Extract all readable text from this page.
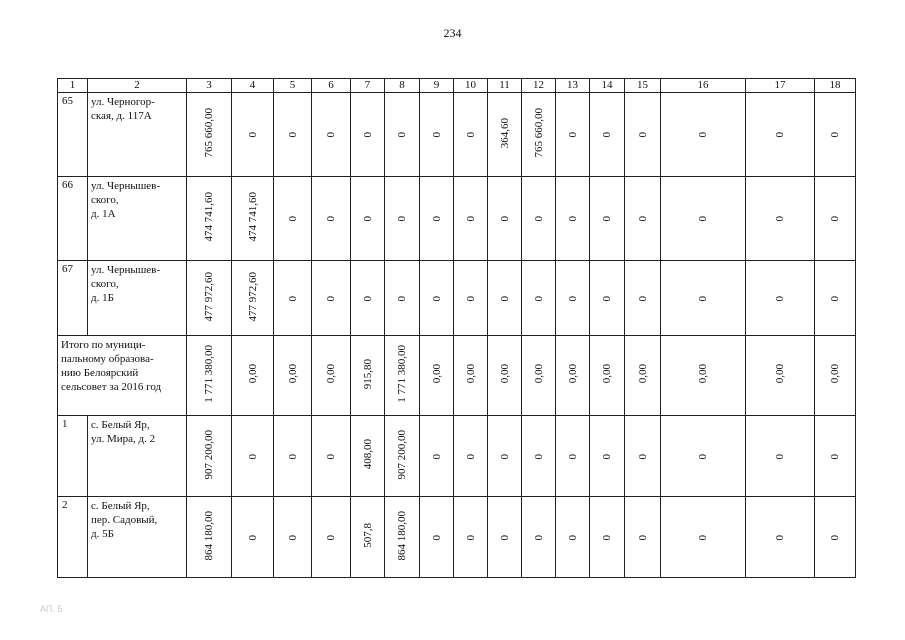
234
1	2	3	4	5	6	7	8	9	10	11	12	13	14	15	16	17	18
65	ул. Черногор-
ская, д. 117А	765 660,00	0	0	0	0	0	0	0	364,60	765 660,00	0	0	0	0	0	0
66	ул. Чернышев-
ского,
д. 1А	474 741,60	474 741,60	0	0	0	0	0	0	0	0	0	0	0	0	0	0
67	ул. Чернышев-
ского,
д. 1Б	477 972,60	477 972,60	0	0	0	0	0	0	0	0	0	0	0	0	0	0
Итого по муници-
пальному образова-
нию Белоярский
сельсовет за 2016 год		1 771 380,00	0,00	0,00	0,00	915,80	1 771 380,00	0,00	0,00	0,00	0,00	0,00	0,00	0,00	0,00	0,00	0,00
1	с. Белый Яр,
ул. Мира, д. 2	907 200,00	0	0	0	408,00	907 200,00	0	0	0	0	0	0	0	0	0	0
2	с. Белый Яр,
пер. Садовый,
д. 5Б	864 180,00	0	0	0	507,8	864 180,00	0	0	0	0	0	0	0	0	0	0
АП. 5
